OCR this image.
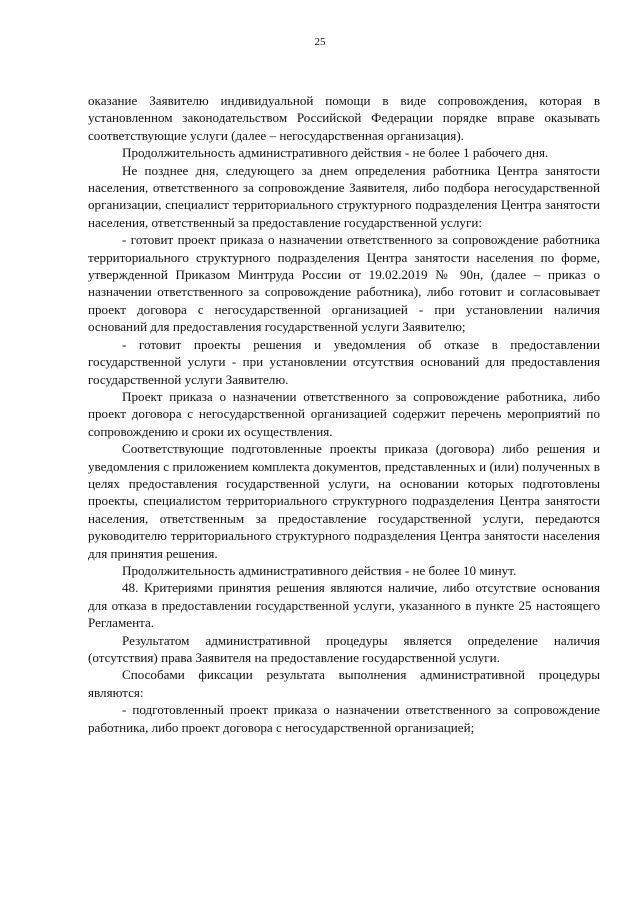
25

оказание Заявителю индивидуальной помощи в виде сопровождения, которая в установленном законодательством Российской Федерации порядке вправе оказывать соответствующие услуги (далее – негосударственная организация).

Продолжительность административного действия - не более 1 рабочего дня.

Не позднее дня, следующего за днем определения работника Центра занятости населения, ответственного за сопровождение Заявителя, либо подбора негосударственной организации, специалист территориального структурного подразделения Центра занятости населения, ответственный за предоставление государственной услуги:

- готовит проект приказа о назначении ответственного за сопровождение работника территориального структурного подразделения Центра занятости населения по форме, утвержденной Приказом Минтруда России от 19.02.2019 № 90н, (далее – приказ о назначении ответственного за сопровождение работника), либо готовит и согласовывает проект договора с негосударственной организацией - при установлении наличия оснований для предоставления государственной услуги Заявителю;

- готовит проекты решения и уведомления об отказе в предоставлении государственной услуги - при установлении отсутствия оснований для предоставления государственной услуги Заявителю.

Проект приказа о назначении ответственного за сопровождение работника, либо проект договора с негосударственной организацией содержит перечень мероприятий по сопровождению и сроки их осуществления.

Соответствующие подготовленные проекты приказа (договора) либо решения и уведомления с приложением комплекта документов, представленных и (или) полученных в целях предоставления государственной услуги, на основании которых подготовлены проекты, специалистом территориального структурного подразделения Центра занятости населения, ответственным за предоставление государственной услуги, передаются руководителю территориального структурного подразделения Центра занятости населения для принятия решения.

Продолжительность административного действия - не более 10 минут.

48. Критериями принятия решения являются наличие, либо отсутствие основания для отказа в предоставлении государственной услуги, указанного в пункте 25 настоящего Регламента.

Результатом административной процедуры является определение наличия (отсутствия) права Заявителя на предоставление государственной услуги.

Способами фиксации результата выполнения административной процедуры являются:

- подготовленный проект приказа о назначении ответственного за сопровождение работника, либо проект договора с негосударственной организацией;
